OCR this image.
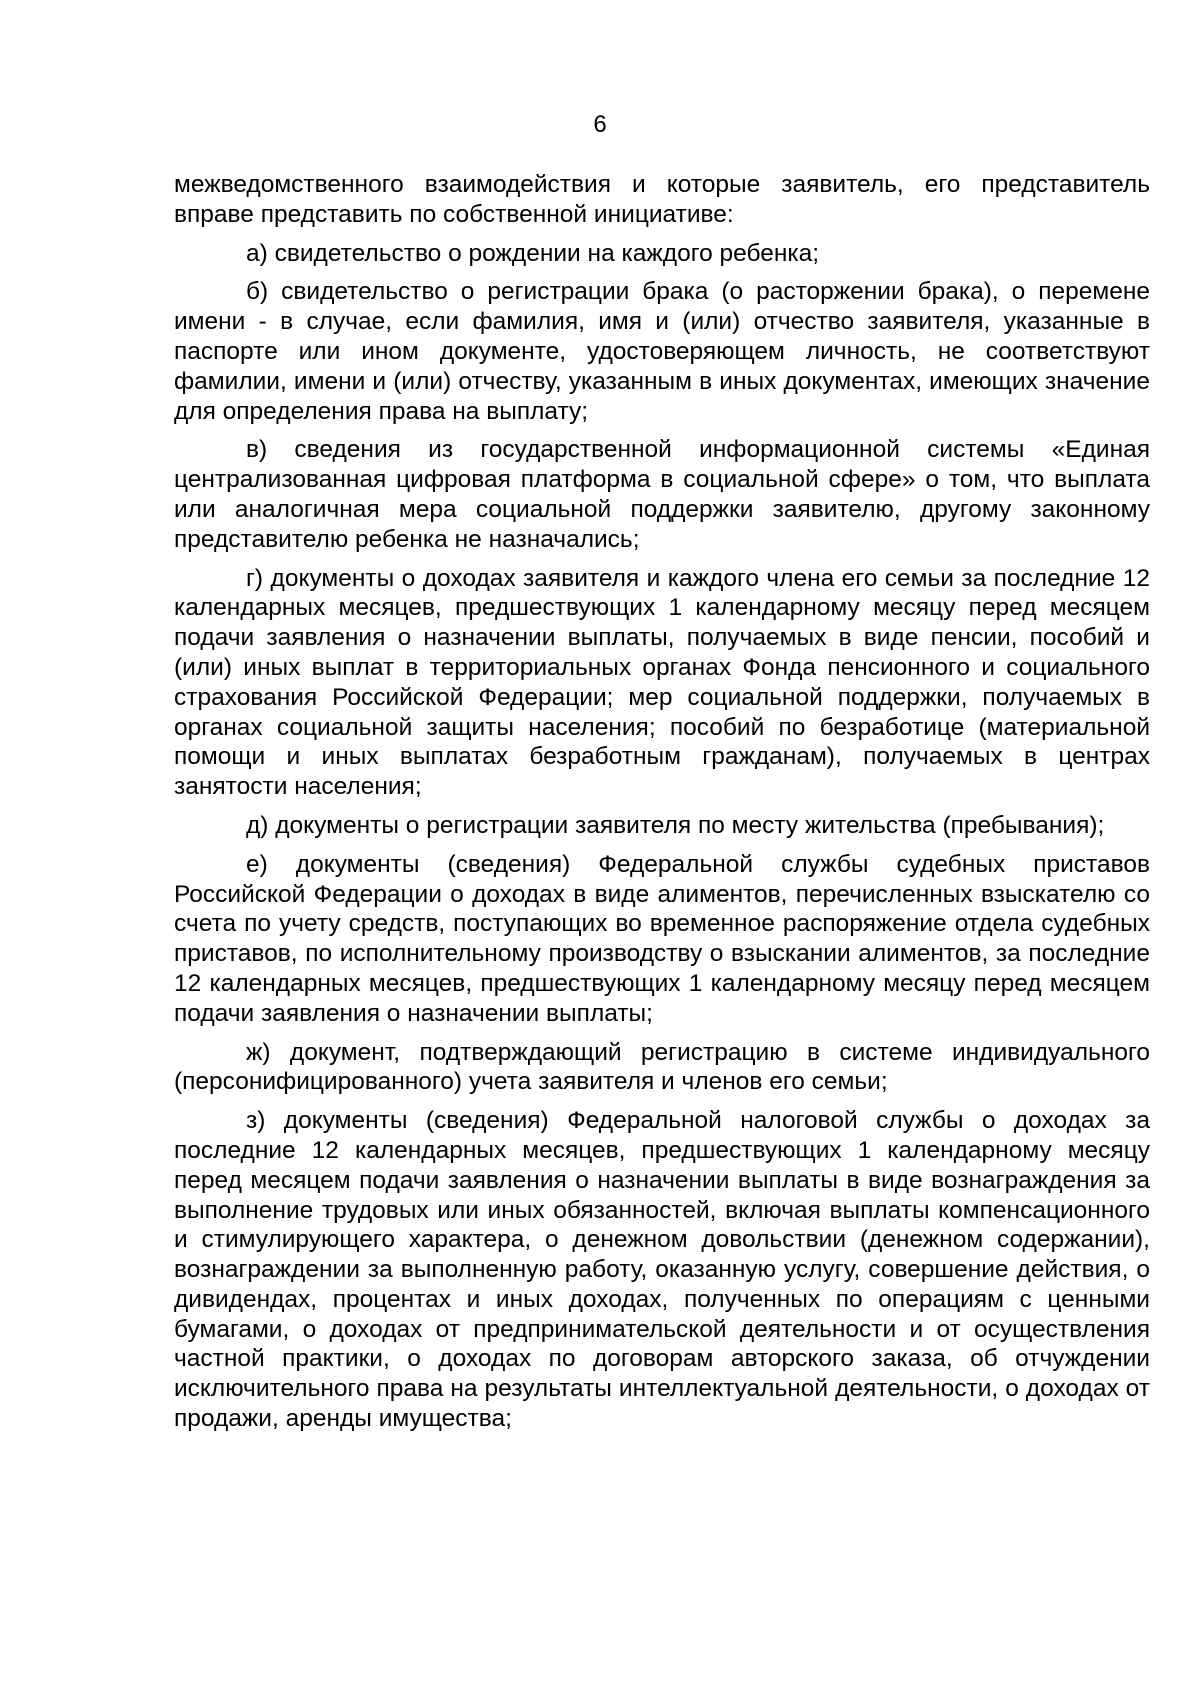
6

межведомственного взаимодействия и которые заявитель, его представитель вправе представить по собственной инициативе:

а) свидетельство о рождении на каждого ребенка;

б) свидетельство о регистрации брака (о расторжении брака), о перемене имени - в случае, если фамилия, имя и (или) отчество заявителя, указанные в паспорте или ином документе, удостоверяющем личность, не соответствуют фамилии, имени и (или) отчеству, указанным в иных документах, имеющих значение для определения права на выплату;

в) сведения из государственной информационной системы «Единая централизованная цифровая платформа в социальной сфере» о том, что выплата или аналогичная мера социальной поддержки заявителю, другому законному представителю ребенка не назначались;

г) документы о доходах заявителя и каждого члена его семьи за последние 12 календарных месяцев, предшествующих 1 календарному месяцу перед месяцем подачи заявления о назначении выплаты, получаемых в виде пенсии, пособий и (или) иных выплат в территориальных органах Фонда пенсионного и социального страхования Российской Федерации; мер социальной поддержки, получаемых в органах социальной защиты населения; пособий по безработице (материальной помощи и иных выплатах безработным гражданам), получаемых в центрах занятости населения;

д) документы о регистрации заявителя по месту жительства (пребывания);

е) документы (сведения) Федеральной службы судебных приставов Российской Федерации о доходах в виде алиментов, перечисленных взыскателю со счета по учету средств, поступающих во временное распоряжение отдела судебных приставов, по исполнительному производству о взыскании алиментов, за последние 12 календарных месяцев, предшествующих 1 календарному месяцу перед месяцем подачи заявления о назначении выплаты;

ж) документ, подтверждающий регистрацию в системе индивидуального (персонифицированного) учета заявителя и членов его семьи;

з) документы (сведения) Федеральной налоговой службы о доходах за последние 12 календарных месяцев, предшествующих 1 календарному месяцу перед месяцем подачи заявления о назначении выплаты в виде вознаграждения за выполнение трудовых или иных обязанностей, включая выплаты компенсационного и стимулирующего характера, о денежном довольствии (денежном содержании), вознаграждении за выполненную работу, оказанную услугу, совершение действия, о дивидендах, процентах и иных доходах, полученных по операциям с ценными бумагами, о доходах от предпринимательской деятельности и от осуществления частной практики, о доходах по договорам авторского заказа, об отчуждении исключительного права на результаты интеллектуальной деятельности, о доходах от продажи, аренды имущества;
